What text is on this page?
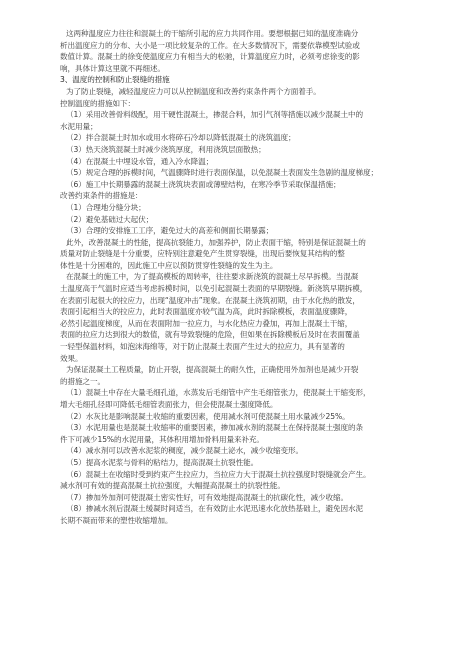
这两种温度应力往往和混凝土的干缩所引起的应力共同作用。要想根据已知的温度准确分
析出温度应力的分布、大小是一项比较复杂的工作。在大多数情况下，需要依靠模型试验或
数值计算。混凝土的徐变使温度应力有相当大的松驰，计算温度应力时，必须考虑徐变的影
响，具体计算这里就不再细述。
3、温度的控制和防止裂缝的措施
为了防止裂缝，减轻温度应力可以从控制温度和改善约束条件两个方面着手。
控制温度的措施如下：
（1）采用改善骨料级配，用干硬性混凝土，掺混合料，加引气剂等措施以减少混凝土中的
水泥用量；
（2）拌合混凝土时加水或用水将碎石冷却以降低混凝土的浇筑温度；
（3）热天浇筑混凝土时减少浇筑厚度，利用浇筑层面散热；
（4）在混凝土中埋设水管，通入冷水降温；
（5）规定合理的拆模时间，气温骤降时进行表面保温，以免混凝土表面发生急剧的温度梯度；
（6）施工中长期暴露的混凝土浇筑块表面或薄壁结构，在寒冷季节采取保温措施；
改善约束条件的措施是：
（1）合理地分缝分块；
（2）避免基础过大起伏；
（3）合理的安排施工工序，避免过大的高差和侧面长期暴露；
此外，改善混凝土的性能，提高抗裂能力，加强养护，防止表面干缩，特别是保证混凝土的
质量对防止裂缝是十分重要，应特别注意避免产生贯穿裂缝，出现后要恢复其结构的整
体性是十分困难的，因此施工中应以预防贯穿性裂缝的发生为主。
在混凝土的施工中，为了提高模板的周转率，往往要求新浇筑的混凝土尽早拆模。当混凝
土温度高于气温时应适当考虑拆模时间，以免引起混凝土表面的早期裂缝。新浇筑早期拆模，
在表面引起很大的拉应力，出现“温度冲击”现象。在混凝土浇筑初期，由于水化热的散发，
表面引起相当大的拉应力，此时表面温度亦较气温为高，此时拆除模板，表面温度骤降，
必然引起温度梯度，从而在表面附加一拉应力，与水化热应力叠加，再加上混凝土干缩，
表面的拉应力达到很大的数值，就有导致裂缝的危险，但如果在拆除模板后及时在表面覆盖
一轻型保温材料，如泡沫海绵等，对于防止混凝土表面产生过大的拉应力，具有显著的
效果。
为保证混凝土工程质量，防止开裂，提高混凝土的耐久性，正确使用外加剂也是减少开裂
的措施之一。
（1）混凝土中存在大量毛细孔道，水蒸发后毛细管中产生毛细管张力，使混凝土干缩变形，
增大毛细孔径即可降低毛细管表面张力，但会使混凝土强度降低。
（2）水灰比是影响混凝土收缩的重要因素，使用减水剂可使混凝土用水量减少25%。
（3）水泥用量也是混凝土收缩率的重要因素，掺加减水剂的混凝土在保持混凝土强度的条
件下可减少15%的水泥用量，其体积用增加骨料用量来补充。
（4）减水剂可以改善水泥浆的稠度，减少混凝土泌水，减少收缩变形。
（5）提高水泥浆与骨料的粘结力，提高混凝土抗裂性能。
（6）混凝土在收缩时受到约束产生拉应力，当拉应力大于混凝土抗拉强度时裂缝就会产生。
减水剂可有效的提高混凝土抗拉强度，大幅提高混凝土的抗裂性能。
（7）掺加外加剂可使混凝土密实性好，可有效地提高混凝土的抗碳化性，减少收缩。
（8）掺减水剂后混凝土缓凝时间适当，在有效防止水泥迅速水化放热基础上，避免因水泥
长期不凝而带来的塑性收缩增加。
